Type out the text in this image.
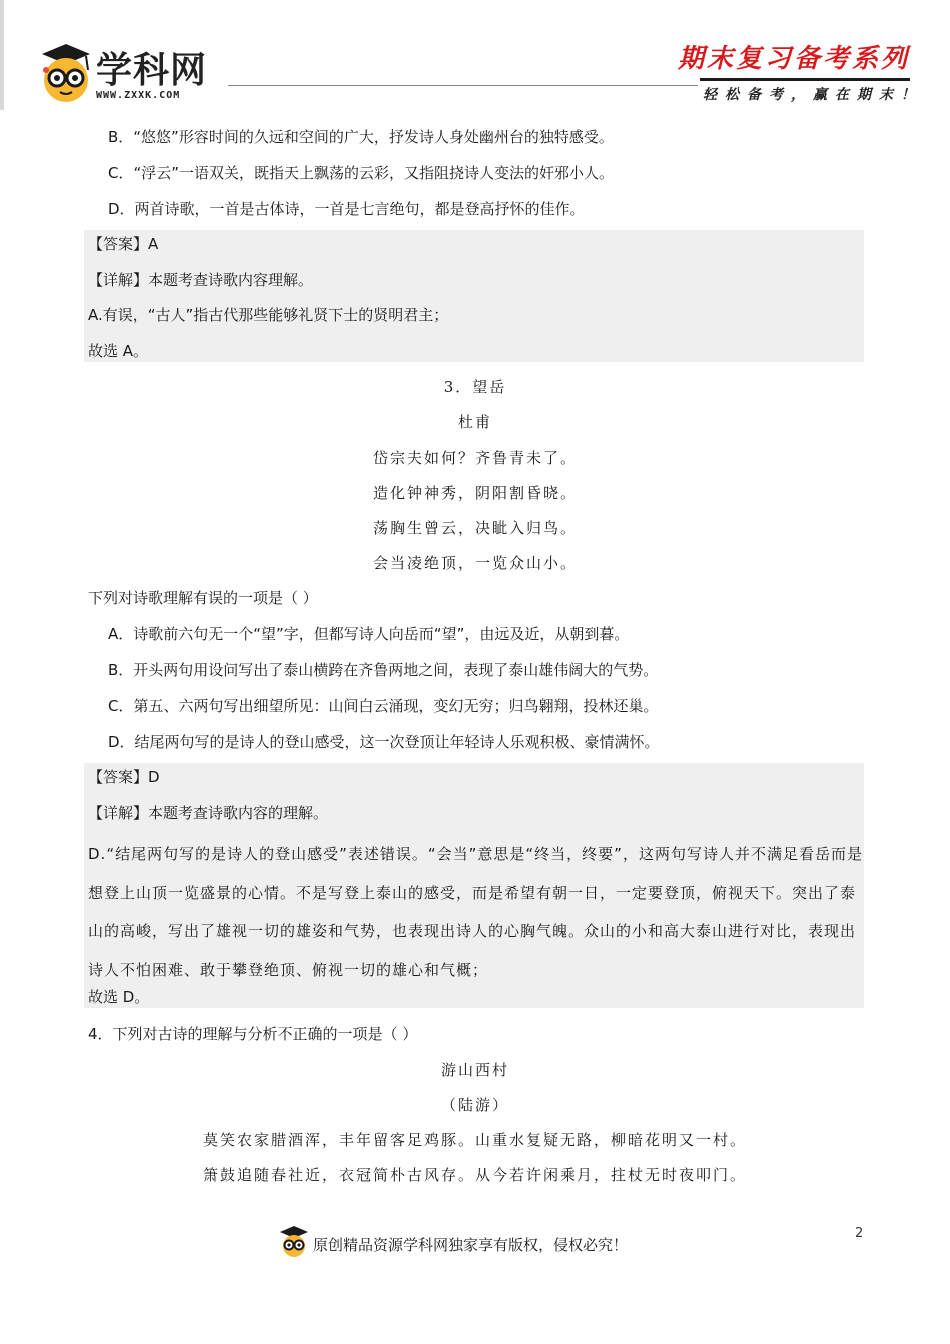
学科网
WWW.ZXXK.COM
期末复习备考系列
轻松备考，赢在期末！
B．“悠悠”形容时间的久远和空间的广大，抒发诗人身处幽州台的独特感受。
C．“浮云”一语双关，既指天上飘荡的云彩，又指阻挠诗人变法的奸邪小人。
D．两首诗歌，一首是古体诗，一首是七言绝句，都是登高抒怀的佳作。
【答案】A
【详解】本题考查诗歌内容理解。
A.有误，“古人”指古代那些能够礼贤下士的贤明君主；
故选 A。
3．望岳
杜甫
岱宗夫如何？齐鲁青未了。
造化钟神秀，阴阳割昏晓。
荡胸生曾云，决眦入归鸟。
会当凌绝顶，一览众山小。
下列对诗歌理解有误的一项是（ ）
A．诗歌前六句无一个“望”字，但都写诗人向岳而“望”，由远及近，从朝到暮。
B．开头两句用设问写出了泰山横跨在齐鲁两地之间，表现了泰山雄伟阔大的气势。
C．第五、六两句写出细望所见：山间白云涌现，变幻无穷；归鸟翱翔，投林还巢。
D．结尾两句写的是诗人的登山感受，这一次登顶让年轻诗人乐观积极、豪情满怀。
【答案】D
【详解】本题考查诗歌内容的理解。
D.“结尾两句写的是诗人的登山感受”表述错误。“会当”意思是“终当，终要”，这两句写诗人并不满足看岳而是想登上山顶一览盛景的心情。不是写登上泰山的感受，而是希望有朝一日，一定要登顶，俯视天下。突出了泰山的高峻，写出了雄视一切的雄姿和气势，也表现出诗人的心胸气魄。众山的小和高大泰山进行对比，表现出诗人不怕困难、敢于攀登绝顶、俯视一切的雄心和气概；
故选 D。
4．下列对古诗的理解与分析不正确的一项是（ ）
游山西村
（陆游）
莫笑农家腊酒浑，丰年留客足鸡豚。山重水复疑无路，柳暗花明又一村。
箫鼓追随春社近，衣冠简朴古风存。从今若许闲乘月，拄杖无时夜叩门。
原创精品资源学科网独家享有版权，侵权必究！
2
